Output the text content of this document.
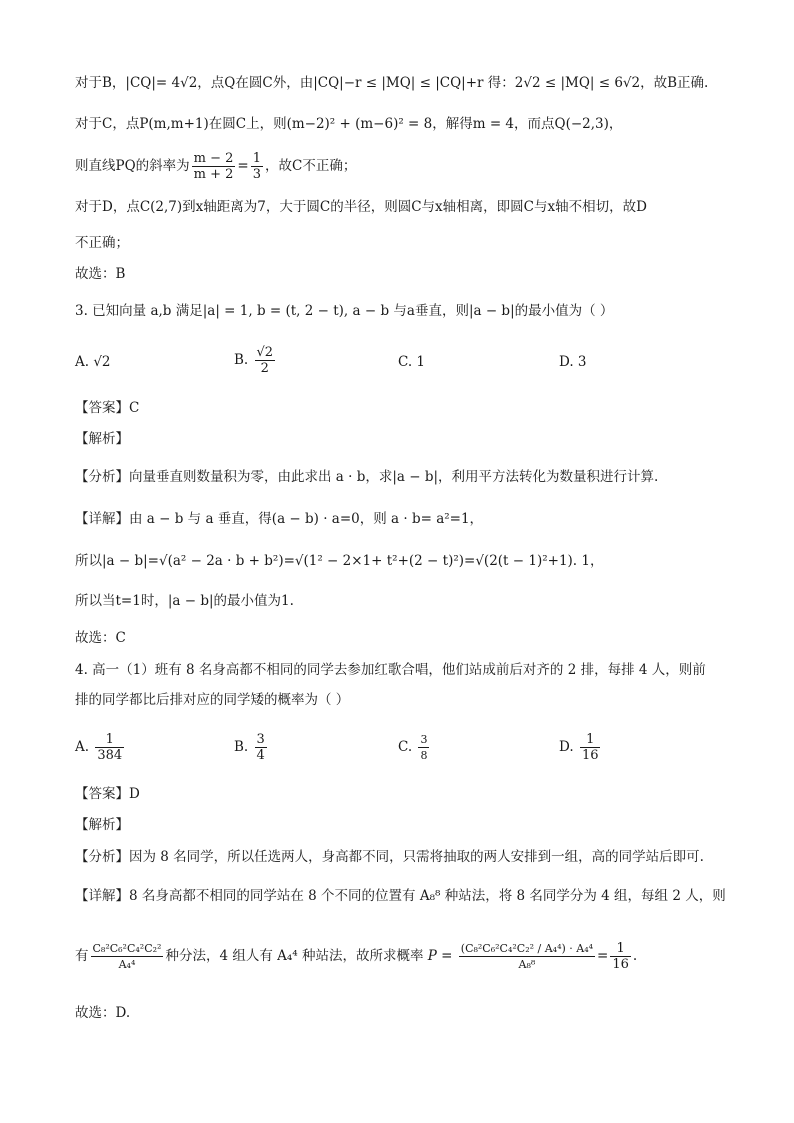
对于B，|CQ|= 4√2，点Q在圆C外，由|CQ|−r ≤ |MQ| ≤ |CQ|+r 得：2√2 ≤ |MQ| ≤ 6√2，故B正确.
对于C，点P(m,m+1)在圆C上，则(m−2)² + (m−6)² = 8，解得m = 4，而点Q(−2,3)，
则直线PQ的斜率为 $\frac{m - 2}{m + 2} = \frac{1}{3}$ ，故C不正确；
对于D，点C(2,7)到x轴距离为7，大于圆C的半径，则圆C与x轴相离，即圆C与x轴不相切，故D
不正确；
故选：B
3. 已知向量 a,b 满足|a| = 1, b = (t, 2 − t), a − b 与a垂直，则|a − b|的最小值为（ ）
A. √2	B. $\frac{√2}{2}$	C. 1	D. 3
【答案】C
【解析】
【分析】向量垂直则数量积为零，由此求出 a · b，求|a − b|，利用平方法转化为数量积进行计算.
【详解】由 a − b 与 a 垂直，得(a − b) · a=0，则 a · b= a²=1，
所以|a − b|=√(a² − 2a · b + b²)=√(1² − 2×1+ t²+(2 − t)²)=√(2(t − 1)²+1). 1，
所以当t=1时，|a − b|的最小值为1.
故选：C
4. 高一（1）班有 8 名身高都不相同的同学去参加红歌合唱，他们站成前后对齐的 2 排，每排 4 人，则前
排的同学都比后排对应的同学矮的概率为（ ）
A. $\frac{1}{384}$	B. $\frac{3}{4}$	C. $\frac{3}{8}$	D. $\frac{1}{16}$
【答案】D
【解析】
【分析】因为 8 名同学，所以任选两人，身高都不同，只需将抽取的两人安排到一组，高的同学站后即可.
【详解】8 名身高都不相同的同学站在 8 个不同的位置有 A₈⁸ 种站法，将 8 名同学分为 4 组，每组 2 人，则
有 $\frac{\text{C₈²C₆²C₄²C₂²}}{\text{A₄⁴}}$ 种分法，4 组人有 A₄⁴ 种站法，故所求概率 $P = \frac{\text{(C₈²C₆²C₄²C₂² / A₄⁴) · A₄⁴}}{\text{A₈⁸}} = \frac{1}{16}$ .
故选：D.
